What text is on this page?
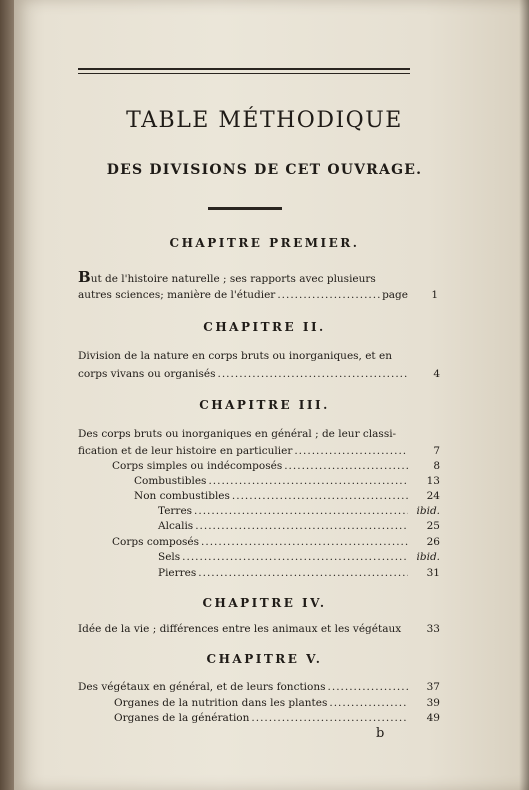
TABLE MÉTHODIQUE
DES DIVISIONS DE CET OUVRAGE.
CHAPITRE PREMIER.
But de l'histoire naturelle ; ses rapports avec plusieurs
autres sciences; manière de l'étudier .....	page	1
CHAPITRE II.
Division de la nature en corps bruts ou inorganiques, et en
corps vivans ou organisés .....	4
CHAPITRE III.
Des corps bruts ou inorganiques en général ; de leur classi-
fication et de leur histoire en particulier .....	7
Corps simples ou indécomposés .....	8
Combustibles .....	13
Non combustibles .....	24
Terres .....	ibid.
Alcalis .....	25
Corps composés .....	26
Sels .....	ibid.
Pierres .....	31
CHAPITRE IV.
Idée de la vie ; différences entre les animaux et les végétaux	33
CHAPITRE V.
Des végétaux en général, et de leurs fonctions .....	37
Organes de la nutrition dans les plantes .....	39
Organes de la génération .....	49
b
